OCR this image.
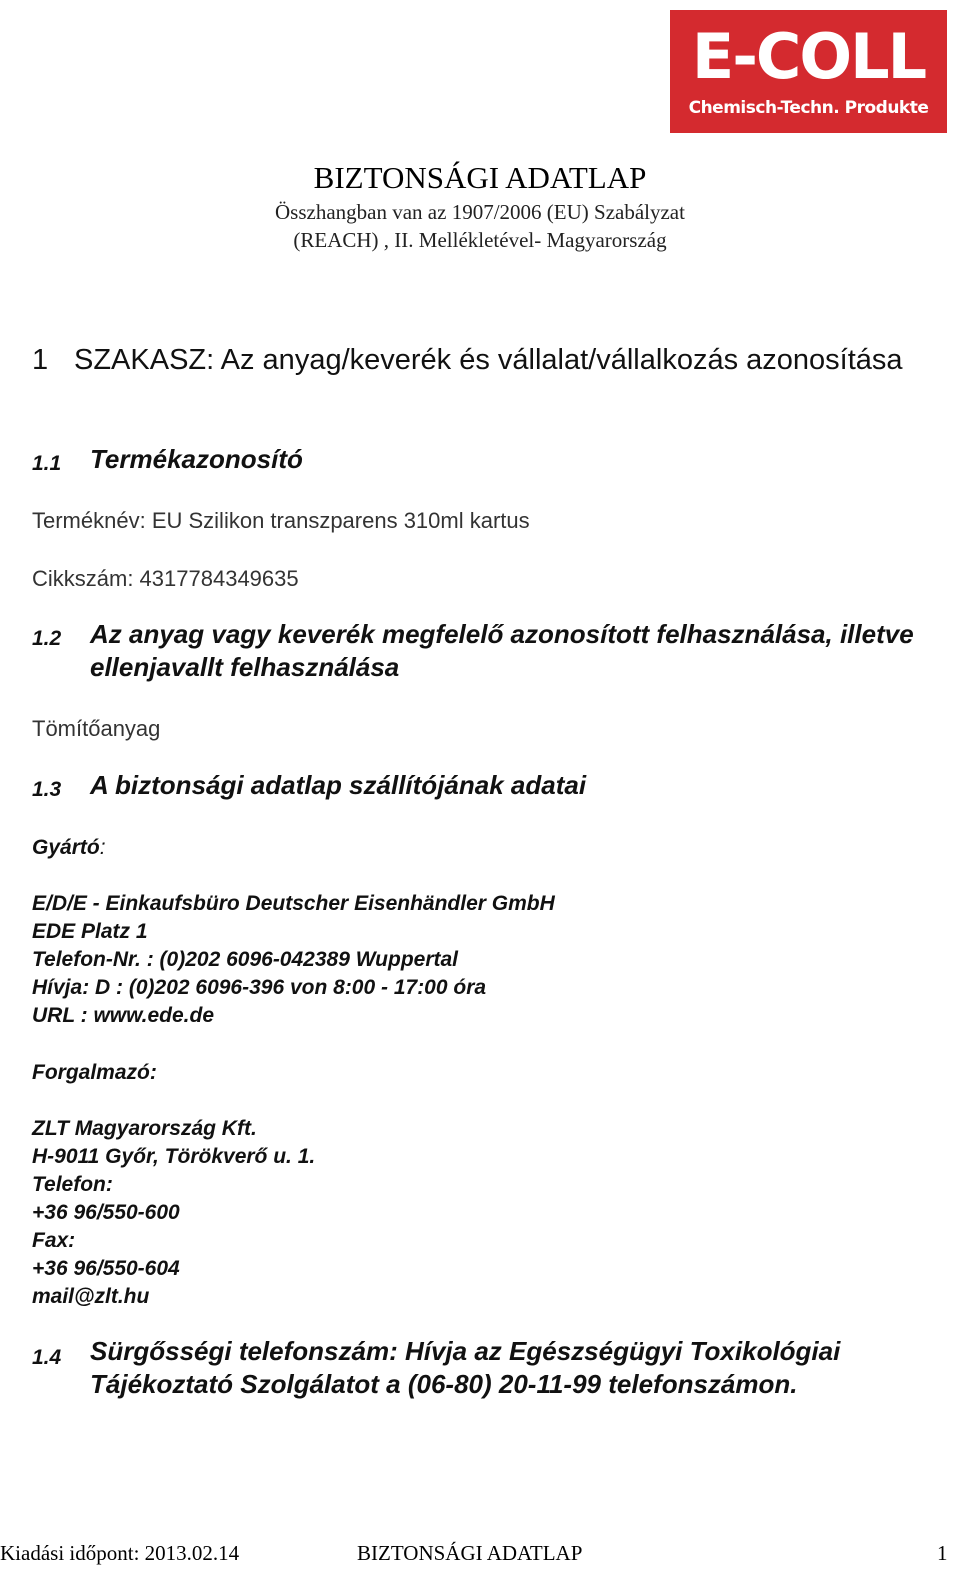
E-COLL
Chemisch-Techn. Produkte
BIZTONSÁGI ADATLAP
Összhangban van az 1907/2006 (EU) Szabályzat
(REACH) , II. Mellékletével- Magyarország
1 SZAKASZ: Az anyag/keverék és vállalat/vállalkozás azonosítása
1.1 Termékazonosító
Terméknév: EU Szilikon transzparens 310ml kartus
Cikkszám: 4317784349635
1.2 Az anyag vagy keverék megfelelő azonosított felhasználása, illetve ellenjavallt felhasználása
Tömítőanyag
1.3 A biztonsági adatlap szállítójának adatai
Gyártó:
E/D/E - Einkaufsbüro Deutscher Eisenhändler GmbH
EDE Platz 1
Telefon-Nr. : (0)202 6096-042389 Wuppertal
Hívja: D : (0)202 6096-396 von 8:00 - 17:00 óra
URL : www.ede.de
Forgalmazó:
ZLT Magyarország Kft.
H-9011 Győr, Törökverő u. 1.
Telefon:
+36 96/550-600
Fax:
+36 96/550-604
mail@zlt.hu
1.4 Sürgősségi telefonszám: Hívja az Egészségügyi Toxikológiai Tájékoztató Szolgálatot a (06-80) 20-11-99 telefonszámon.
Kiadási időpont: 2013.02.14	BIZTONSÁGI ADATLAP	1
